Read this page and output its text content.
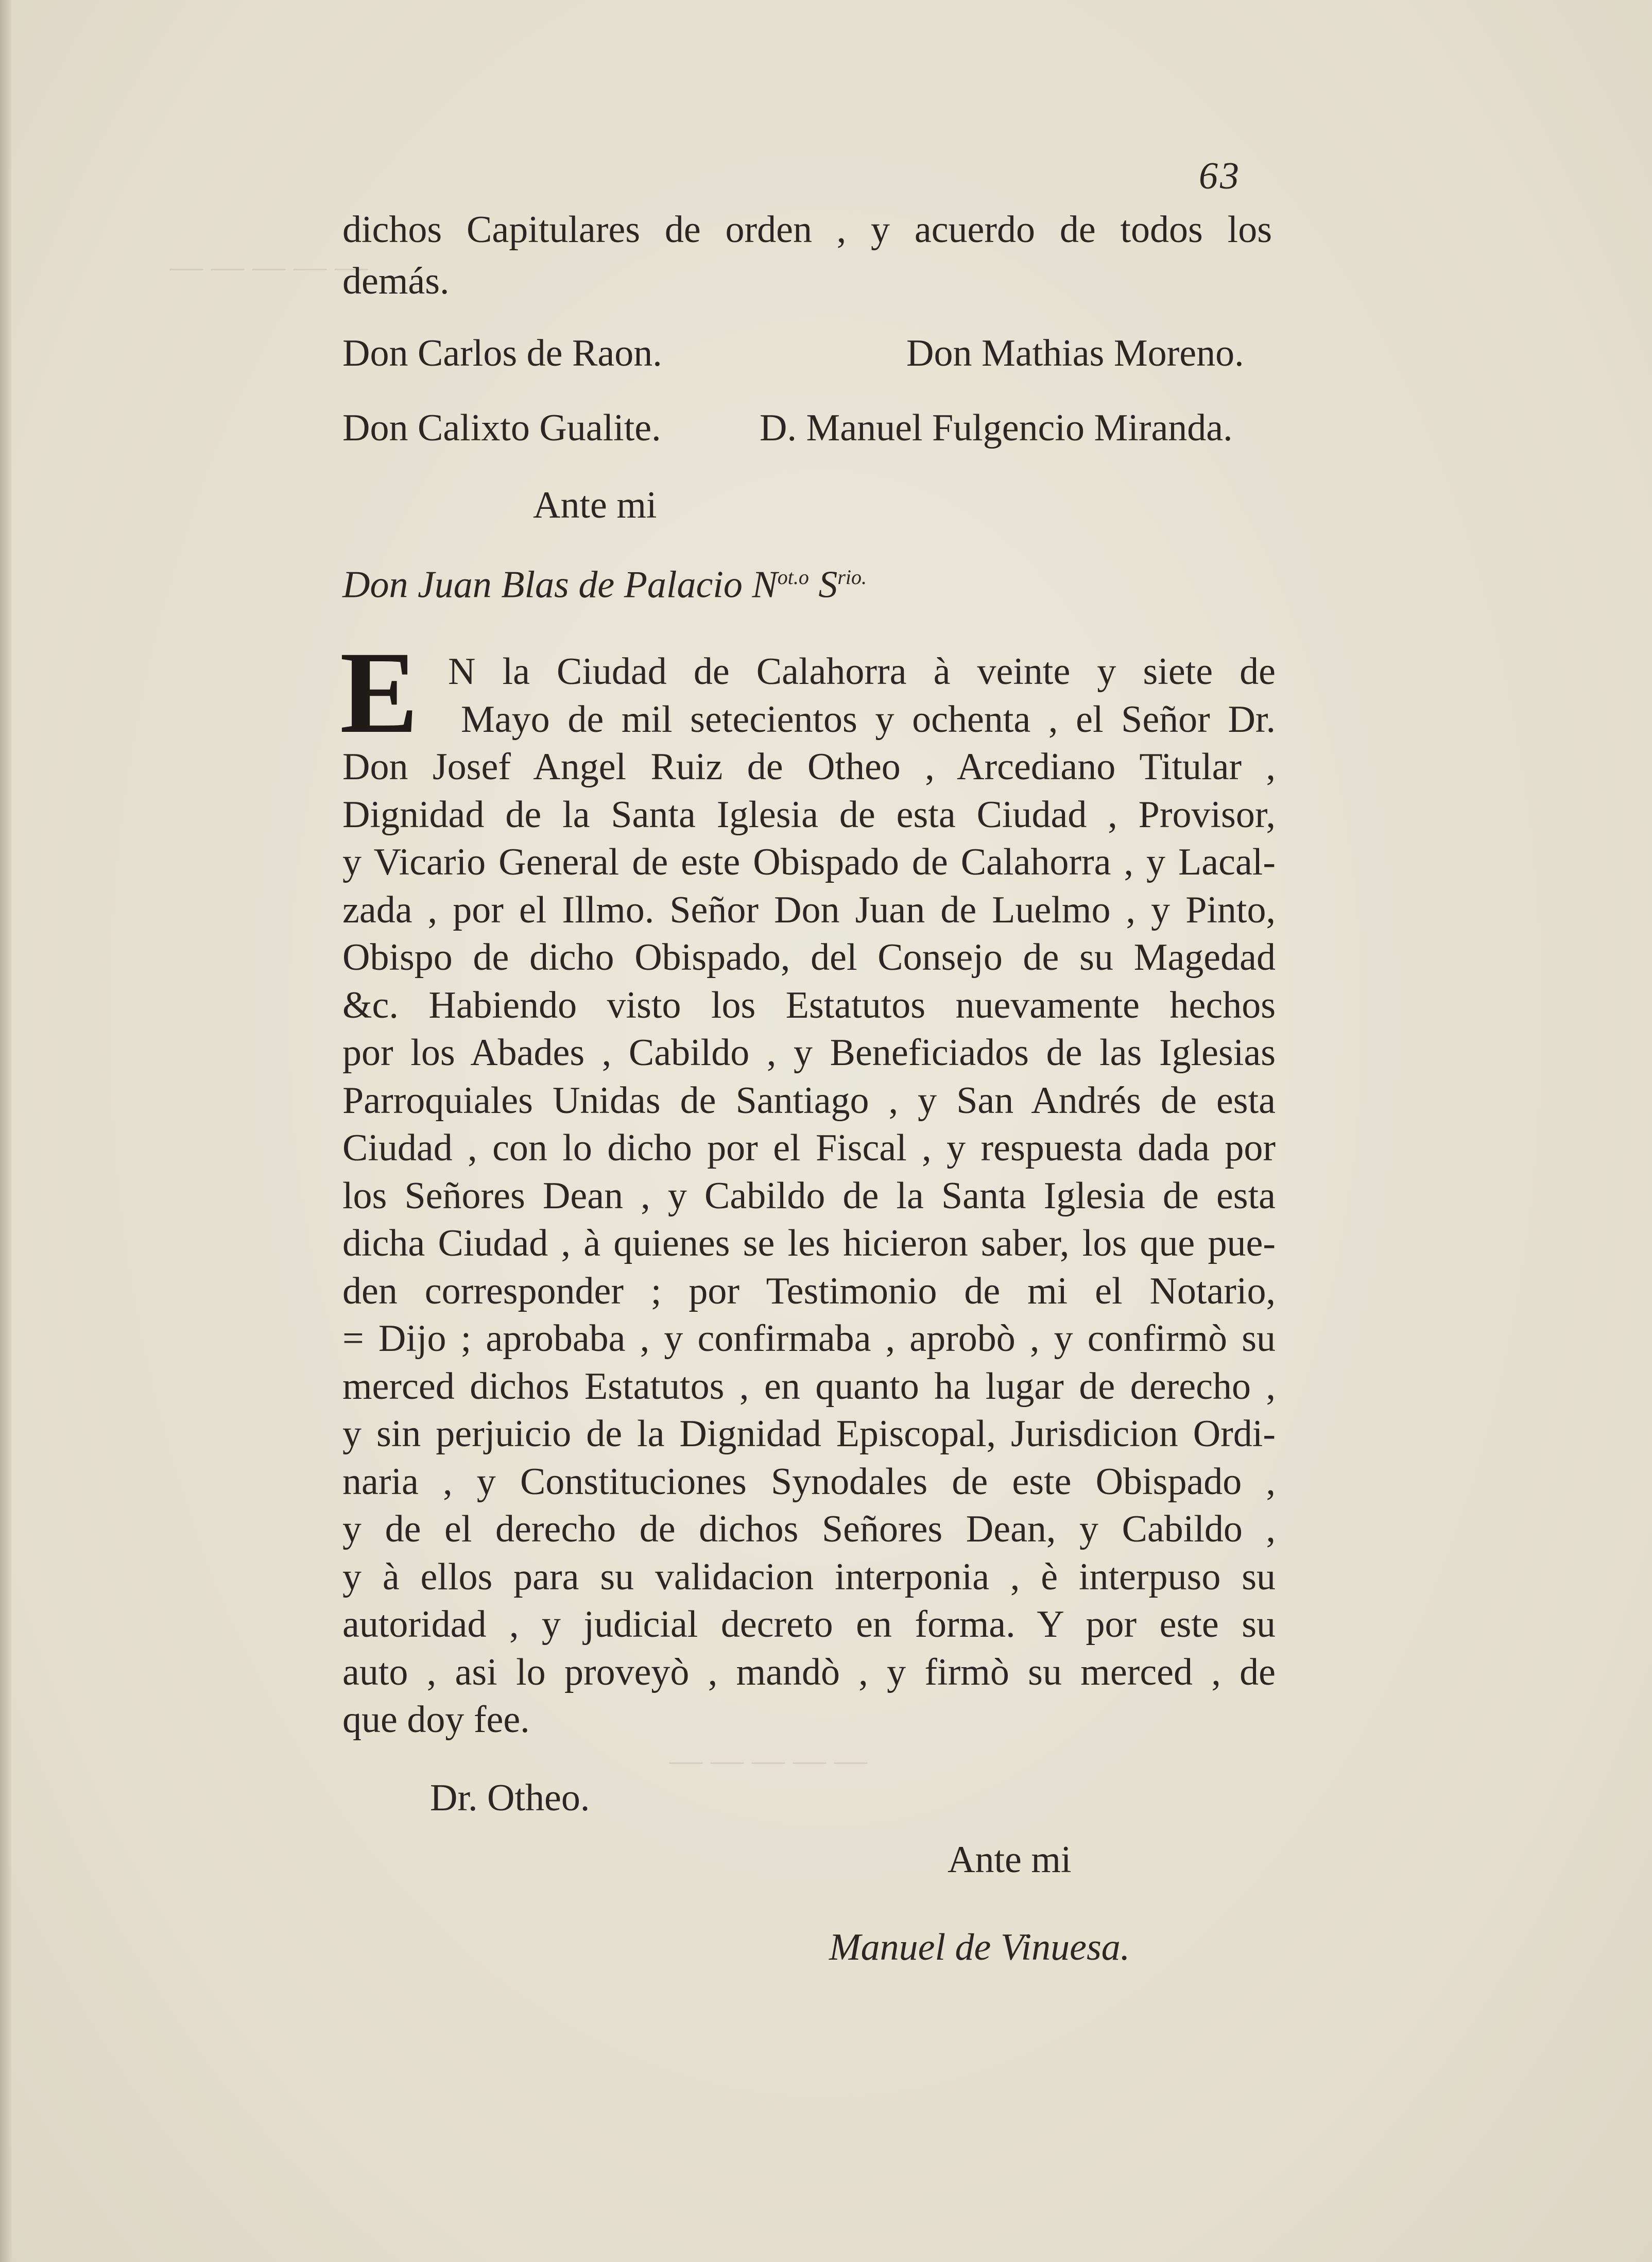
— — — — —
— — — — —
63
dichos Capitulares de orden , y acuerdo de todos los
demás.
Don Carlos de Raon.	Don Mathias Moreno.
Don Calixto Gualite.	D. Manuel Fulgencio Miranda.
Ante mi
Don Juan Blas de Palacio $N^{ot.o}$ $S^{rio.}$
E N la Ciudad de Calahorra à veinte y siete de
Mayo de mil setecientos y ochenta , el Señor Dr.
Don Josef Angel Ruiz de Otheo , Arcediano Titular ,
Dignidad de la Santa Iglesia de esta Ciudad , Provisor,
y Vicario General de este Obispado de Calahorra , y Lacal-
zada , por el Illmo. Señor Don Juan de Luelmo , y Pinto,
Obispo de dicho Obispado, del Consejo de su Magedad
&c. Habiendo visto los Estatutos nuevamente hechos
por los Abades , Cabildo , y Beneficiados de las Iglesias
Parroquiales Unidas de Santiago , y San Andrés de esta
Ciudad , con lo dicho por el Fiscal , y respuesta dada por
los Señores Dean , y Cabildo de la Santa Iglesia de esta
dicha Ciudad , à quienes se les hicieron saber, los que pue-
den corresponder ; por Testimonio de mi el Notario,
= Dijo ; aprobaba , y confirmaba , aprobò , y confirmò su
merced dichos Estatutos , en quanto ha lugar de derecho ,
y sin perjuicio de la Dignidad Episcopal, Jurisdicion Ordi-
naria , y Constituciones Synodales de este Obispado ,
y de el derecho de dichos Señores Dean, y Cabildo ,
y à ellos para su validacion interponia , è interpuso su
autoridad , y judicial decreto en forma. Y por este su
auto , asi lo proveyò , mandò , y firmò su merced , de
que doy fee.
Dr. Otheo.
Ante mi
Manuel de Vinuesa.
